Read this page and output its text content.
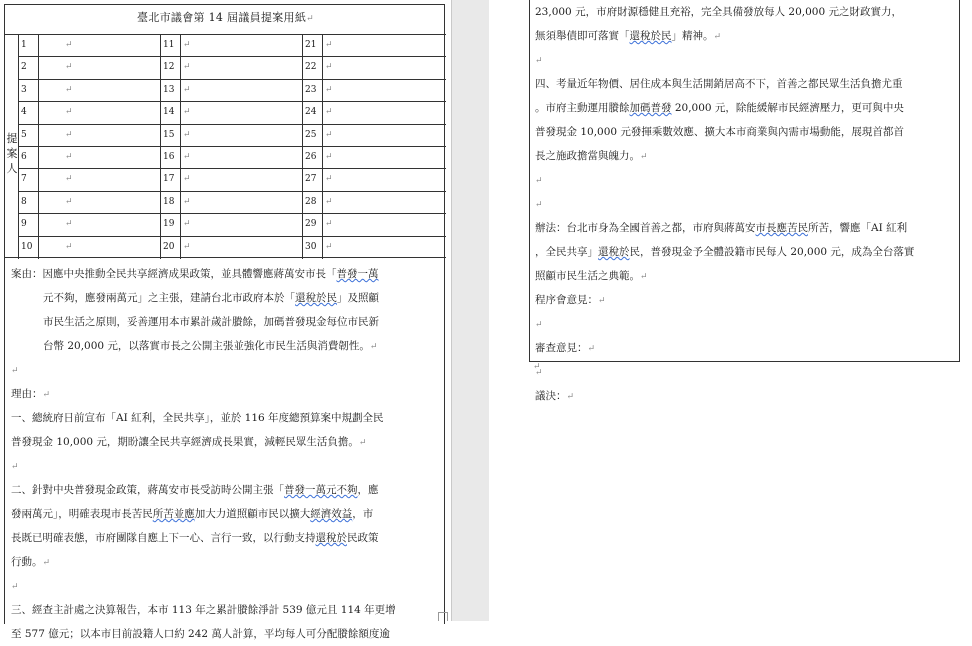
臺北市議會第 14 屆議員提案用紙↵
提
案
人
1	↵	11 ↵	21 ↵
2	↵	12 ↵	22 ↵
3	↵	13 ↵	23 ↵
4	↵	14 ↵	24 ↵
5	↵	15 ↵	25 ↵
6	↵	16 ↵	26 ↵
7	↵	17 ↵	27 ↵
8	↵	18 ↵	28 ↵
9	↵	19 ↵	29 ↵
10	↵	20 ↵	30 ↵
案由：因應中央推動全民共享經濟成果政策，並具體響應蔣萬安市長「普發一萬
元不夠，應發兩萬元」之主張，建請台北市政府本於「還稅於民」及照顧
市民生活之原則，妥善運用本市累計歲計賸餘，加碼普發現金每位市民新
台幣 20,000 元，以落實市長之公開主張並強化市民生活與消費韌性。↵
↵
理由：↵
一、總統府日前宣布「AI 紅利，全民共享」，並於 116 年度總預算案中規劃全民
普發現金 10,000 元，期盼讓全民共享經濟成長果實，減輕民眾生活負擔。↵
↵
二、針對中央普發現金政策，蔣萬安市長受訪時公開主張「普發一萬元不夠，應
發兩萬元」，明確表現市長苦民所苦並應加大力道照顧市民以擴大經濟效益，市
長既已明確表態，市府團隊自應上下一心、言行一致，以行動支持還稅於民政策
行動。↵
↵
三、經查主計處之決算報告，本市 113 年之累計賸餘淨計 539 億元且 114 年更增
至 577 億元；以本市目前設籍人口約 242 萬人計算，平均每人可分配賸餘額度逾
23,000 元，市府財源穩健且充裕，完全具備發放每人 20,000 元之財政實力，
無須舉債即可落實「還稅於民」精神。↵
↵
四、考量近年物價、居住成本與生活開銷居高不下，首善之都民眾生活負擔尤重
。市府主動運用賸餘加碼普發 20,000 元，除能緩解市民經濟壓力，更可與中央
普發現金 10,000 元發揮乘數效應、擴大本市商業與內需市場動能，展現首都首
長之施政擔當與魄力。↵
↵
↵
辦法：台北市身為全國首善之都，市府與蔣萬安市長應苦民所苦，響應「AI 紅利
，全民共享」還稅於民，普發現金予全體設籍市民每人 20,000 元，成為全台落實
照顧市民生活之典範。↵
程序會意見：↵
↵
審查意見：↵
↵
議決：↵
↵
